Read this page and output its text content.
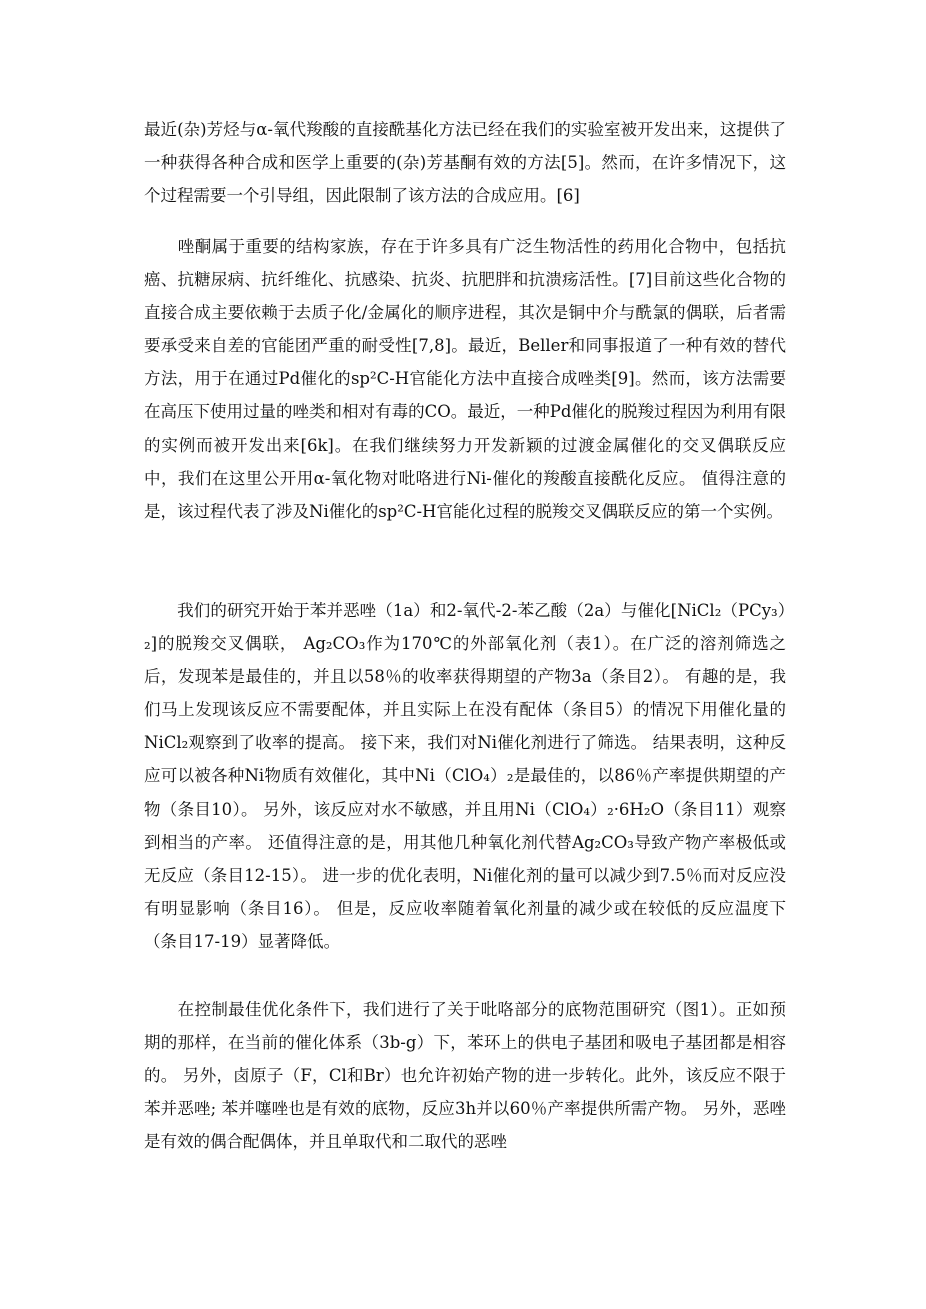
最近(杂)芳烃与α-氧代羧酸的直接酰基化方法已经在我们的实验室被开发出来，这提供了一种获得各种合成和医学上重要的(杂)芳基酮有效的方法[5]。然而，在许多情况下，这个过程需要一个引导组，因此限制了该方法的合成应用。[6]

　　唑酮属于重要的结构家族，存在于许多具有广泛生物活性的药用化合物中，包括抗癌、抗糖尿病、抗纤维化、抗感染、抗炎、抗肥胖和抗溃疡活性。[7]目前这些化合物的直接合成主要依赖于去质子化/金属化的顺序进程，其次是铜中介与酰氯的偶联，后者需要承受来自差的官能团严重的耐受性[7,8]。最近，Beller和同事报道了一种有效的替代方法，用于在通过Pd催化的sp²C-H官能化方法中直接合成唑类[9]。然而，该方法需要在高压下使用过量的唑类和相对有毒的CO。最近，一种Pd催化的脱羧过程因为利用有限的实例而被开发出来[6k]。在我们继续努力开发新颖的过渡金属催化的交叉偶联反应中，我们在这里公开用α-氧化物对吡咯进行Ni-催化的羧酸直接酰化反应。 值得注意的是，该过程代表了涉及Ni催化的sp²C-H官能化过程的脱羧交叉偶联反应的第一个实例。

　　我们的研究开始于苯并恶唑（1a）和2-氧代-2-苯乙酸（2a）与催化[NiCl₂（PCy₃）₂]的脱羧交叉偶联， Ag₂CO₃作为170℃的外部氧化剂（表1）。在广泛的溶剂筛选之后，发现苯是最佳的，并且以58％的收率获得期望的产物3a（条目2）。 有趣的是，我们马上发现该反应不需要配体，并且实际上在没有配体（条目5）的情况下用催化量的NiCl₂观察到了收率的提高。 接下来，我们对Ni催化剂进行了筛选。 结果表明，这种反应可以被各种Ni物质有效催化，其中Ni（ClO₄）₂是最佳的，以86％产率提供期望的产物（条目10）。 另外，该反应对水不敏感，并且用Ni（ClO₄）₂·6H₂O（条目11）观察到相当的产率。 还值得注意的是，用其他几种氧化剂代替Ag₂CO₃导致产物产率极低或无反应（条目12-15）。 进一步的优化表明，Ni催化剂的量可以减少到7.5％而对反应没有明显影响（条目16）。 但是，反应收率随着氧化剂量的减少或在较低的反应温度下（条目17-19）显著降低。

　　在控制最佳优化条件下，我们进行了关于吡咯部分的底物范围研究（图1）。正如预期的那样，在当前的催化体系（3b-g）下，苯环上的供电子基团和吸电子基团都是相容的。 另外，卤原子（F，Cl和Br）也允许初始产物的进一步转化。此外，该反应不限于苯并恶唑; 苯并噻唑也是有效的底物，反应3h并以60％产率提供所需产物。 另外，恶唑是有效的偶合配偶体，并且单取代和二取代的恶唑
